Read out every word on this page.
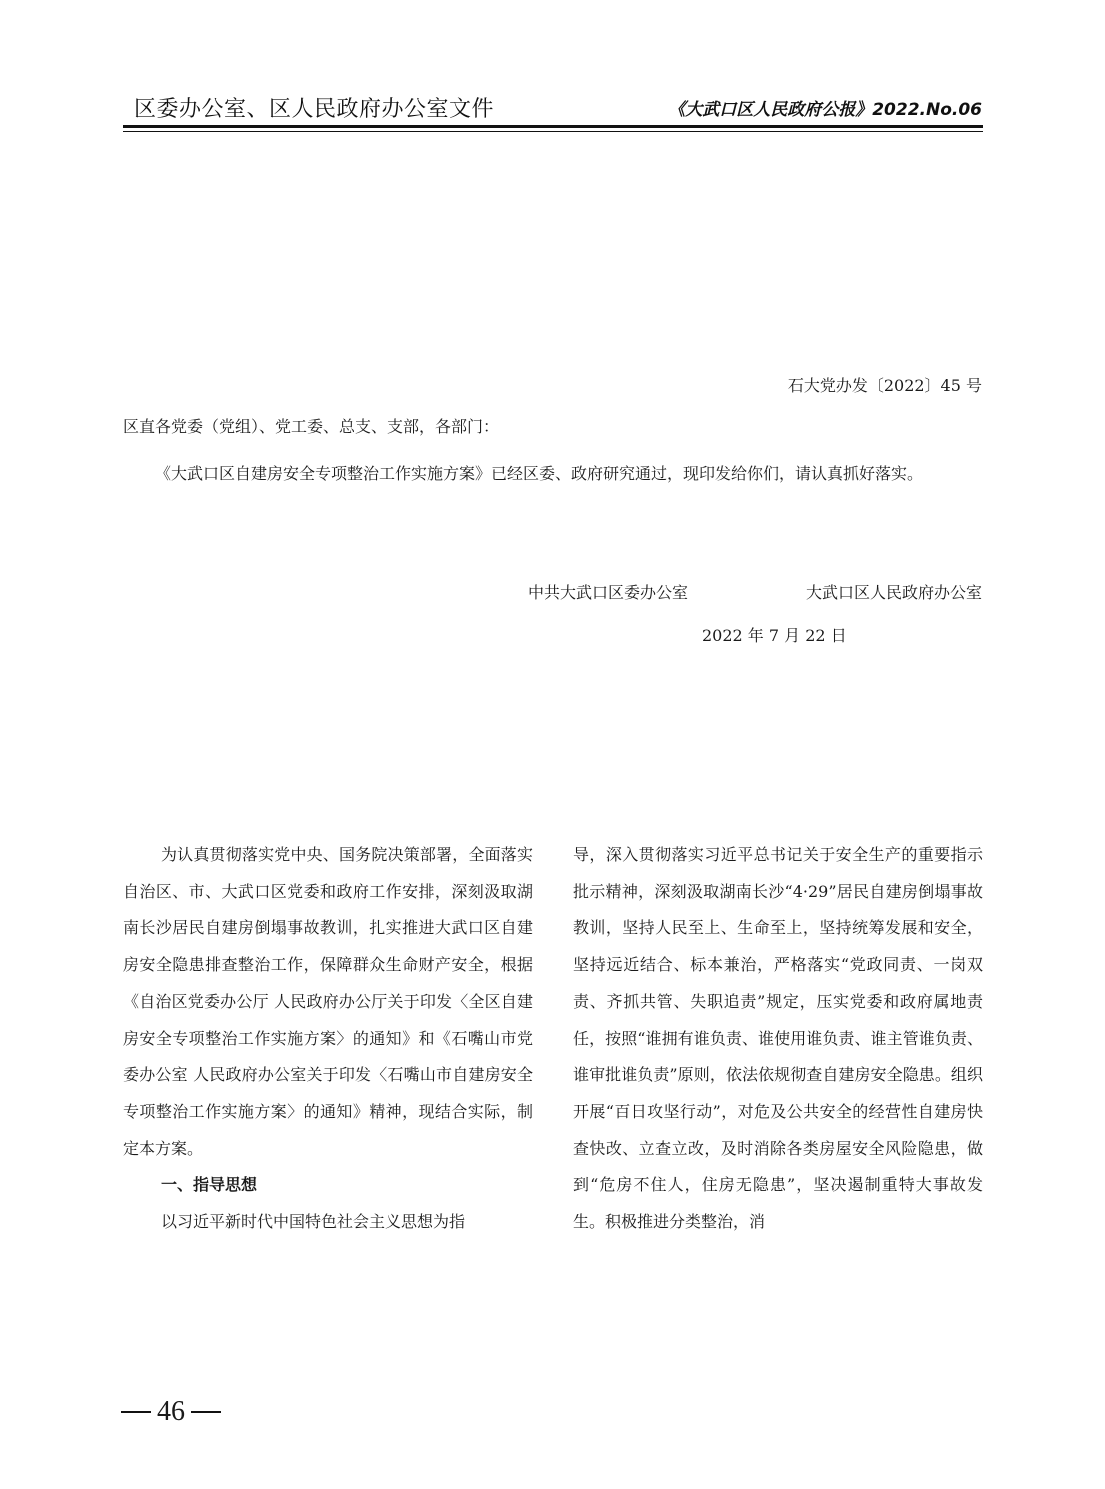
区委办公室、区人民政府办公室文件	《大武口区人民政府公报》2022.No.06
石大党办发〔2022〕45 号
区直各党委（党组）、党工委、总支、支部，各部门：

《大武口区自建房安全专项整治工作实施方案》已经区委、政府研究通过，现印发给你们，请认真抓好落实。

中共大武口区委办公室	大武口区人民政府办公室
2022 年 7 月 22 日

为认真贯彻落实党中央、国务院决策部署，全面落实自治区、市、大武口区党委和政府工作安排，深刻汲取湖南长沙居民自建房倒塌事故教训，扎实推进大武口区自建房安全隐患排查整治工作，保障群众生命财产安全，根据《自治区党委办公厅 人民政府办公厅关于印发〈全区自建房安全专项整治工作实施方案〉的通知》和《石嘴山市党委办公室 人民政府办公室关于印发〈石嘴山市自建房安全专项整治工作实施方案〉的通知》精神，现结合实际，制定本方案。

一、指导思想

以习近平新时代中国特色社会主义思想为指

导，深入贯彻落实习近平总书记关于安全生产的重要指示批示精神，深刻汲取湖南长沙“4·29”居民自建房倒塌事故教训，坚持人民至上、生命至上，坚持统筹发展和安全，坚持远近结合、标本兼治，严格落实“党政同责、一岗双责、齐抓共管、失职追责”规定，压实党委和政府属地责任，按照“谁拥有谁负责、谁使用谁负责、谁主管谁负责、谁审批谁负责”原则，依法依规彻查自建房安全隐患。组织开展“百日攻坚行动”，对危及公共安全的经营性自建房快查快改、立查立改，及时消除各类房屋安全风险隐患，做到“危房不住人，住房无隐患”，坚决遏制重特大事故发生。积极推进分类整治，消

46
